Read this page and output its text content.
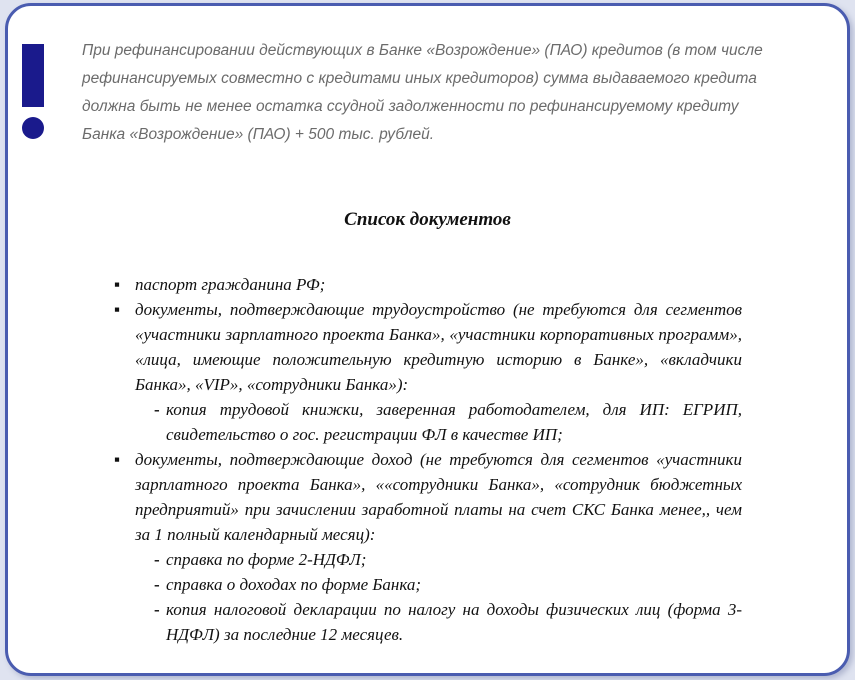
При рефинансировании действующих в Банке «Возрождение» (ПАО) кредитов (в том числе рефинансируемых совместно с кредитами иных кредиторов) сумма выдаваемого кредита должна быть не менее остатка ссудной задолженности по рефинансируемому кредиту Банка «Возрождение» (ПАО) + 500 тыс. рублей.

Список документов
▪ паспорт гражданина РФ;
▪ документы, подтверждающие трудоустройство (не требуются для сегментов «участники зарплатного проекта Банка», «участники корпоративных программ», «лица, имеющие положительную кредитную историю в Банке», «вкладчики Банка», «VIP», «сотрудники Банка»):
- копия трудовой книжки, заверенная работодателем, для ИП: ЕГРИП, свидетельство о гос. регистрации ФЛ в качестве ИП;
▪ документы, подтверждающие доход (не требуются для сегментов «участники зарплатного проекта Банка», ««сотрудники Банка», «сотрудник бюджетных предприятий» при зачислении заработной платы на счет СКС Банка менее,, чем за 1 полный календарный месяц):
- справка по форме 2-НДФЛ;
- справка о доходах по форме Банка;
- копия налоговой декларации по налогу на доходы физических лиц (форма 3-НДФЛ) за последние 12 месяцев.
